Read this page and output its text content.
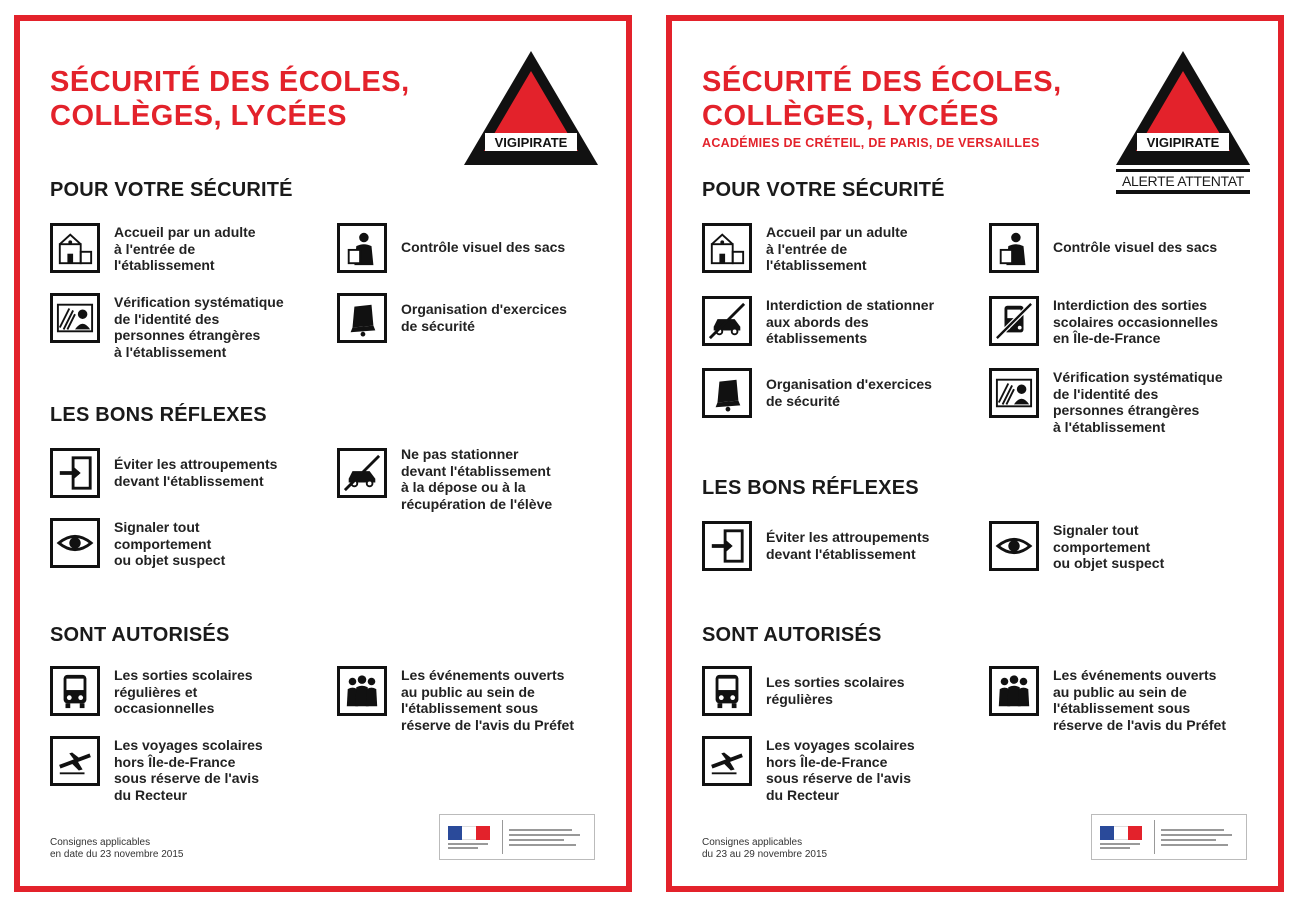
SÉCURITÉ DES ÉCOLES,
COLLÈGES, LYCÉES
VIGIPIRATE
POUR VOTRE SÉCURITÉ
Accueil par un adulte
à l'entrée de
l'établissement
Contrôle visuel des sacs
Vérification systématique
de l'identité des
personnes étrangères
à l'établissement
Organisation d'exercices
de sécurité
LES BONS RÉFLEXES
Éviter les attroupements
devant l'établissement
Ne pas stationner
devant l'établissement
à la dépose ou à la
récupération de l'élève
Signaler tout
comportement
ou objet suspect
SONT AUTORISÉS
Les sorties scolaires
régulières et
occasionnelles
Les événements ouverts
au public au sein de
l'établissement sous
réserve de l'avis du Préfet
Les voyages scolaires
hors Île-de-France
sous réserve de l'avis
du Recteur
Consignes applicables
en date du 23 novembre 2015
SÉCURITÉ DES ÉCOLES,
COLLÈGES, LYCÉES
ACADÉMIES DE CRÉTEIL, DE PARIS, DE VERSAILLES	VIGIPIRATE
ALERTE ATTENTAT
POUR VOTRE SÉCURITÉ
Accueil par un adulte
à l'entrée de
l'établissement
Contrôle visuel des sacs
Interdiction de stationner
aux abords des
établissements
Interdiction des sorties
scolaires occasionnelles
en Île-de-France
Organisation d'exercices
de sécurité
Vérification systématique
de l'identité des
personnes étrangères
à l'établissement
LES BONS RÉFLEXES
Éviter les attroupements
devant l'établissement
Signaler tout
comportement
ou objet suspect
SONT AUTORISÉS
Les sorties scolaires
régulières
Les événements ouverts
au public au sein de
l'établissement sous
réserve de l'avis du Préfet
Les voyages scolaires
hors Île-de-France
sous réserve de l'avis
du Recteur
Consignes applicables
du 23 au 29 novembre 2015
